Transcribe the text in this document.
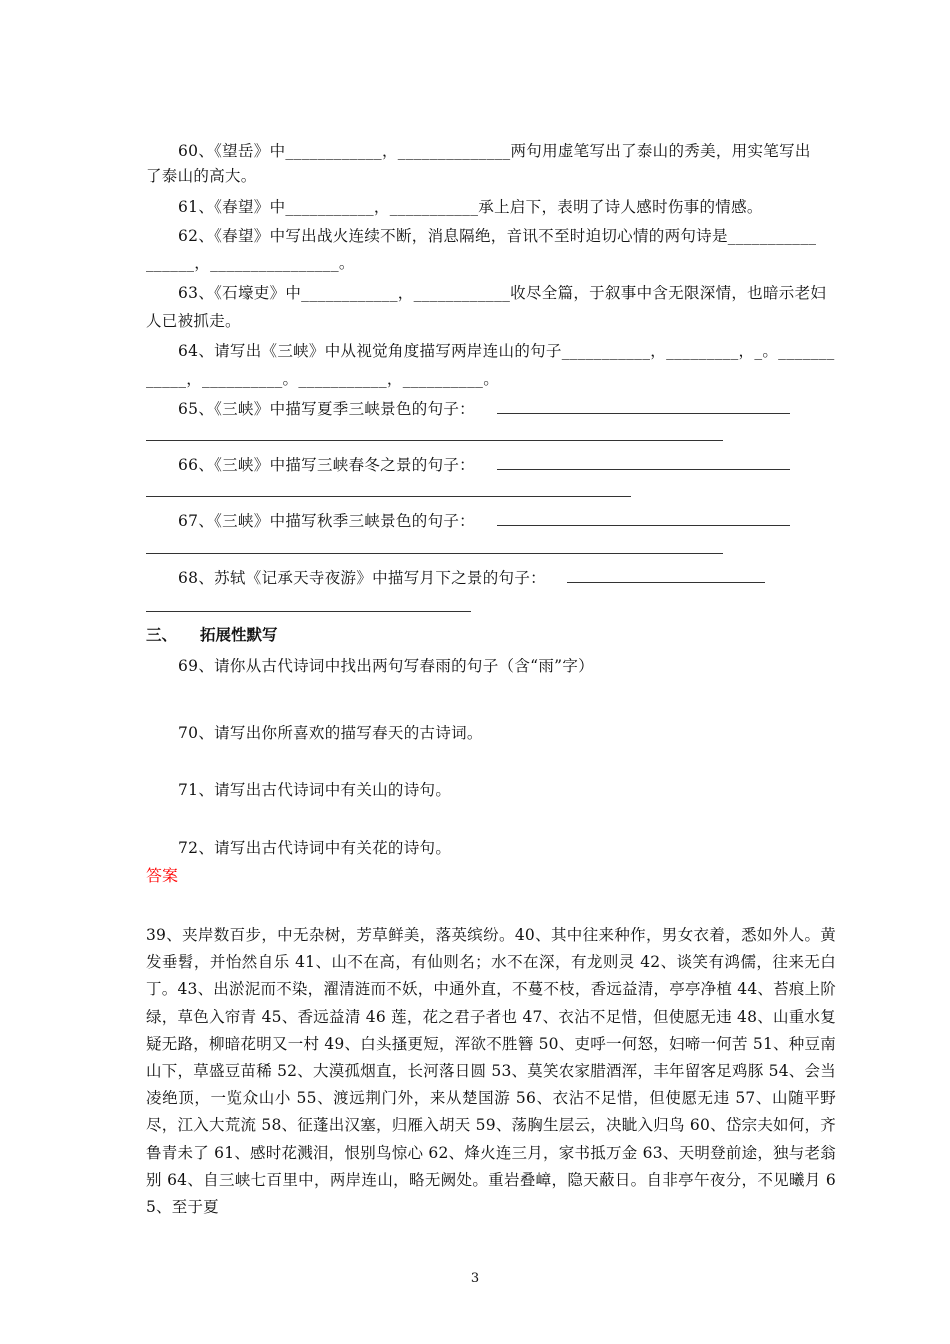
60、《望岳》中____________，______________两句用虚笔写出了泰山的秀美，用实笔写出
了泰山的高大。
61、《春望》中___________，___________承上启下，表明了诗人感时伤事的情感。
62、《春望》中写出战火连续不断，消息隔绝，音讯不至时迫切心情的两句诗是___________
______，________________。
63、《石壕吏》中____________，____________收尽全篇，于叙事中含无限深情，也暗示老妇
人已被抓走。
64、请写出《三峡》中从视觉角度描写两岸连山的句子___________，_________，_。_______
_____，__________。___________，__________。
65、《三峡》中描写夏季三峡景色的句子：
66、《三峡》中描写三峡春冬之景的句子：
67、《三峡》中描写秋季三峡景色的句子：
68、苏轼《记承天寺夜游》中描写月下之景的句子：
三、 拓展性默写
69、请你从古代诗词中找出两句写春雨的句子（含“雨”字）
70、请写出你所喜欢的描写春天的古诗词。
71、请写出古代诗词中有关山的诗句。
72、请写出古代诗词中有关花的诗句。
答案
39、夹岸数百步，中无杂树，芳草鲜美，落英缤纷。40、其中往来种作，男女衣着，悉如外人。黄发垂髫，并怡然自乐 41、山不在高，有仙则名；水不在深，有龙则灵 42、谈笑有鸿儒，往来无白丁。43、出淤泥而不染，濯清涟而不妖，中通外直，不蔓不枝，香远益清，亭亭净植 44、苔痕上阶绿，草色入帘青 45、香远益清 46 莲，花之君子者也 47、衣沾不足惜，但使愿无违 48、山重水复疑无路，柳暗花明又一村 49、白头搔更短，浑欲不胜簪 50、吏呼一何怒，妇啼一何苦 51、种豆南山下，草盛豆苗稀 52、大漠孤烟直，长河落日圆 53、莫笑农家腊酒浑，丰年留客足鸡豚 54、会当凌绝顶，一览众山小 55、渡远荆门外，来从楚国游 56、衣沾不足惜，但使愿无违 57、山随平野尽，江入大荒流 58、征蓬出汉塞，归雁入胡天 59、荡胸生层云，决眦入归鸟 60、岱宗夫如何，齐鲁青未了 61、感时花溅泪，恨别鸟惊心 62、烽火连三月，家书抵万金 63、天明登前途，独与老翁别 64、自三峡七百里中，两岸连山，略无阙处。重岩叠嶂，隐天蔽日。自非亭午夜分，不见曦月 65、至于夏
3
